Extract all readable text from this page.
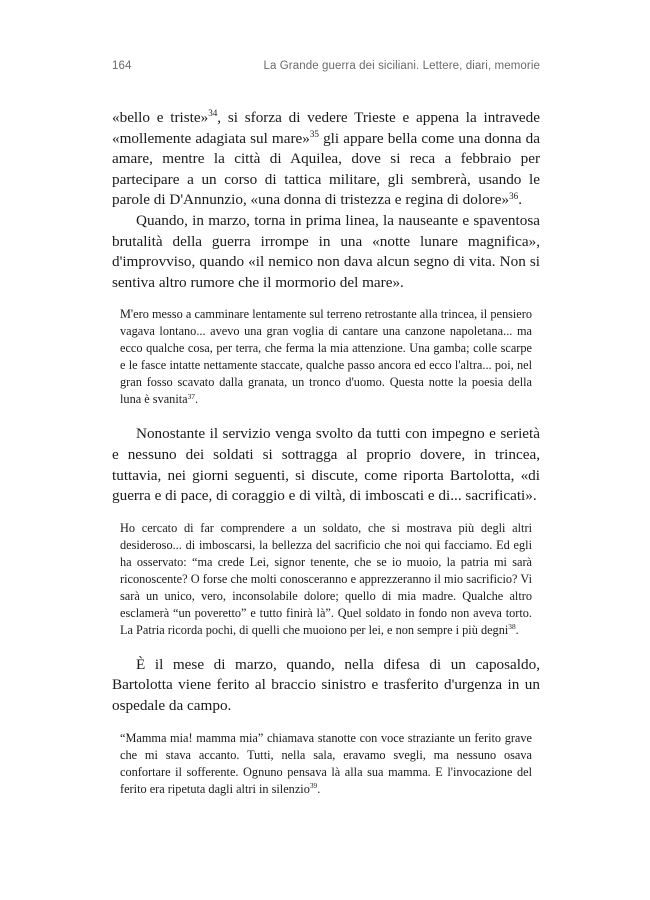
164	La Grande guerra dei siciliani. Lettere, diari, memorie

«bello e triste»$^{34}$, si sforza di vedere Trieste e appena la intravede «mollemente adagiata sul mare»$^{35}$ gli appare bella come una donna da amare, mentre la città di Aquilea, dove si reca a febbraio per partecipare a un corso di tattica militare, gli sembrerà, usando le parole di D'Annunzio, «una donna di tristezza e regina di dolore»$^{36}$.

Quando, in marzo, torna in prima linea, la nauseante e spaventosa brutalità della guerra irrompe in una «notte lunare magnifica», d'improvviso, quando «il nemico non dava alcun segno di vita. Non si sentiva altro rumore che il mormorio del mare».

M'ero messo a camminare lentamente sul terreno retrostante alla trincea, il pensiero vagava lontano... avevo una gran voglia di cantare una canzone napoletana... ma ecco qualche cosa, per terra, che ferma la mia attenzione. Una gamba; colle scarpe e le fasce intatte nettamente staccate, qualche passo ancora ed ecco l'altra... poi, nel gran fosso scavato dalla granata, un tronco d'uomo. Questa notte la poesia della luna è svanita$^{37}$.

Nonostante il servizio venga svolto da tutti con impegno e serietà e nessuno dei soldati si sottragga al proprio dovere, in trincea, tuttavia, nei giorni seguenti, si discute, come riporta Bartolotta, «di guerra e di pace, di coraggio e di viltà, di imboscati e di... sacrificati».

Ho cercato di far comprendere a un soldato, che si mostrava più degli altri desideroso... di imboscarsi, la bellezza del sacrificio che noi qui facciamo. Ed egli ha osservato: “ma crede Lei, signor tenente, che se io muoio, la patria mi sarà riconoscente? O forse che molti conosceranno e apprezzeranno il mio sacrificio? Vi sarà un unico, vero, inconsolabile dolore; quello di mia madre. Qualche altro esclamerà “un poveretto” e tutto finirà là”. Quel soldato in fondo non aveva torto. La Patria ricorda pochi, di quelli che muoiono per lei, e non sempre i più degni$^{38}$.

È il mese di marzo, quando, nella difesa di un caposaldo, Bartolotta viene ferito al braccio sinistro e trasferito d'urgenza in un ospedale da campo.

“Mamma mia! mamma mia” chiamava stanotte con voce straziante un ferito grave che mi stava accanto. Tutti, nella sala, eravamo svegli, ma nessuno osava confortare il sofferente. Ognuno pensava là alla sua mamma. E l'invocazione del ferito era ripetuta dagli altri in silenzio$^{39}$.
